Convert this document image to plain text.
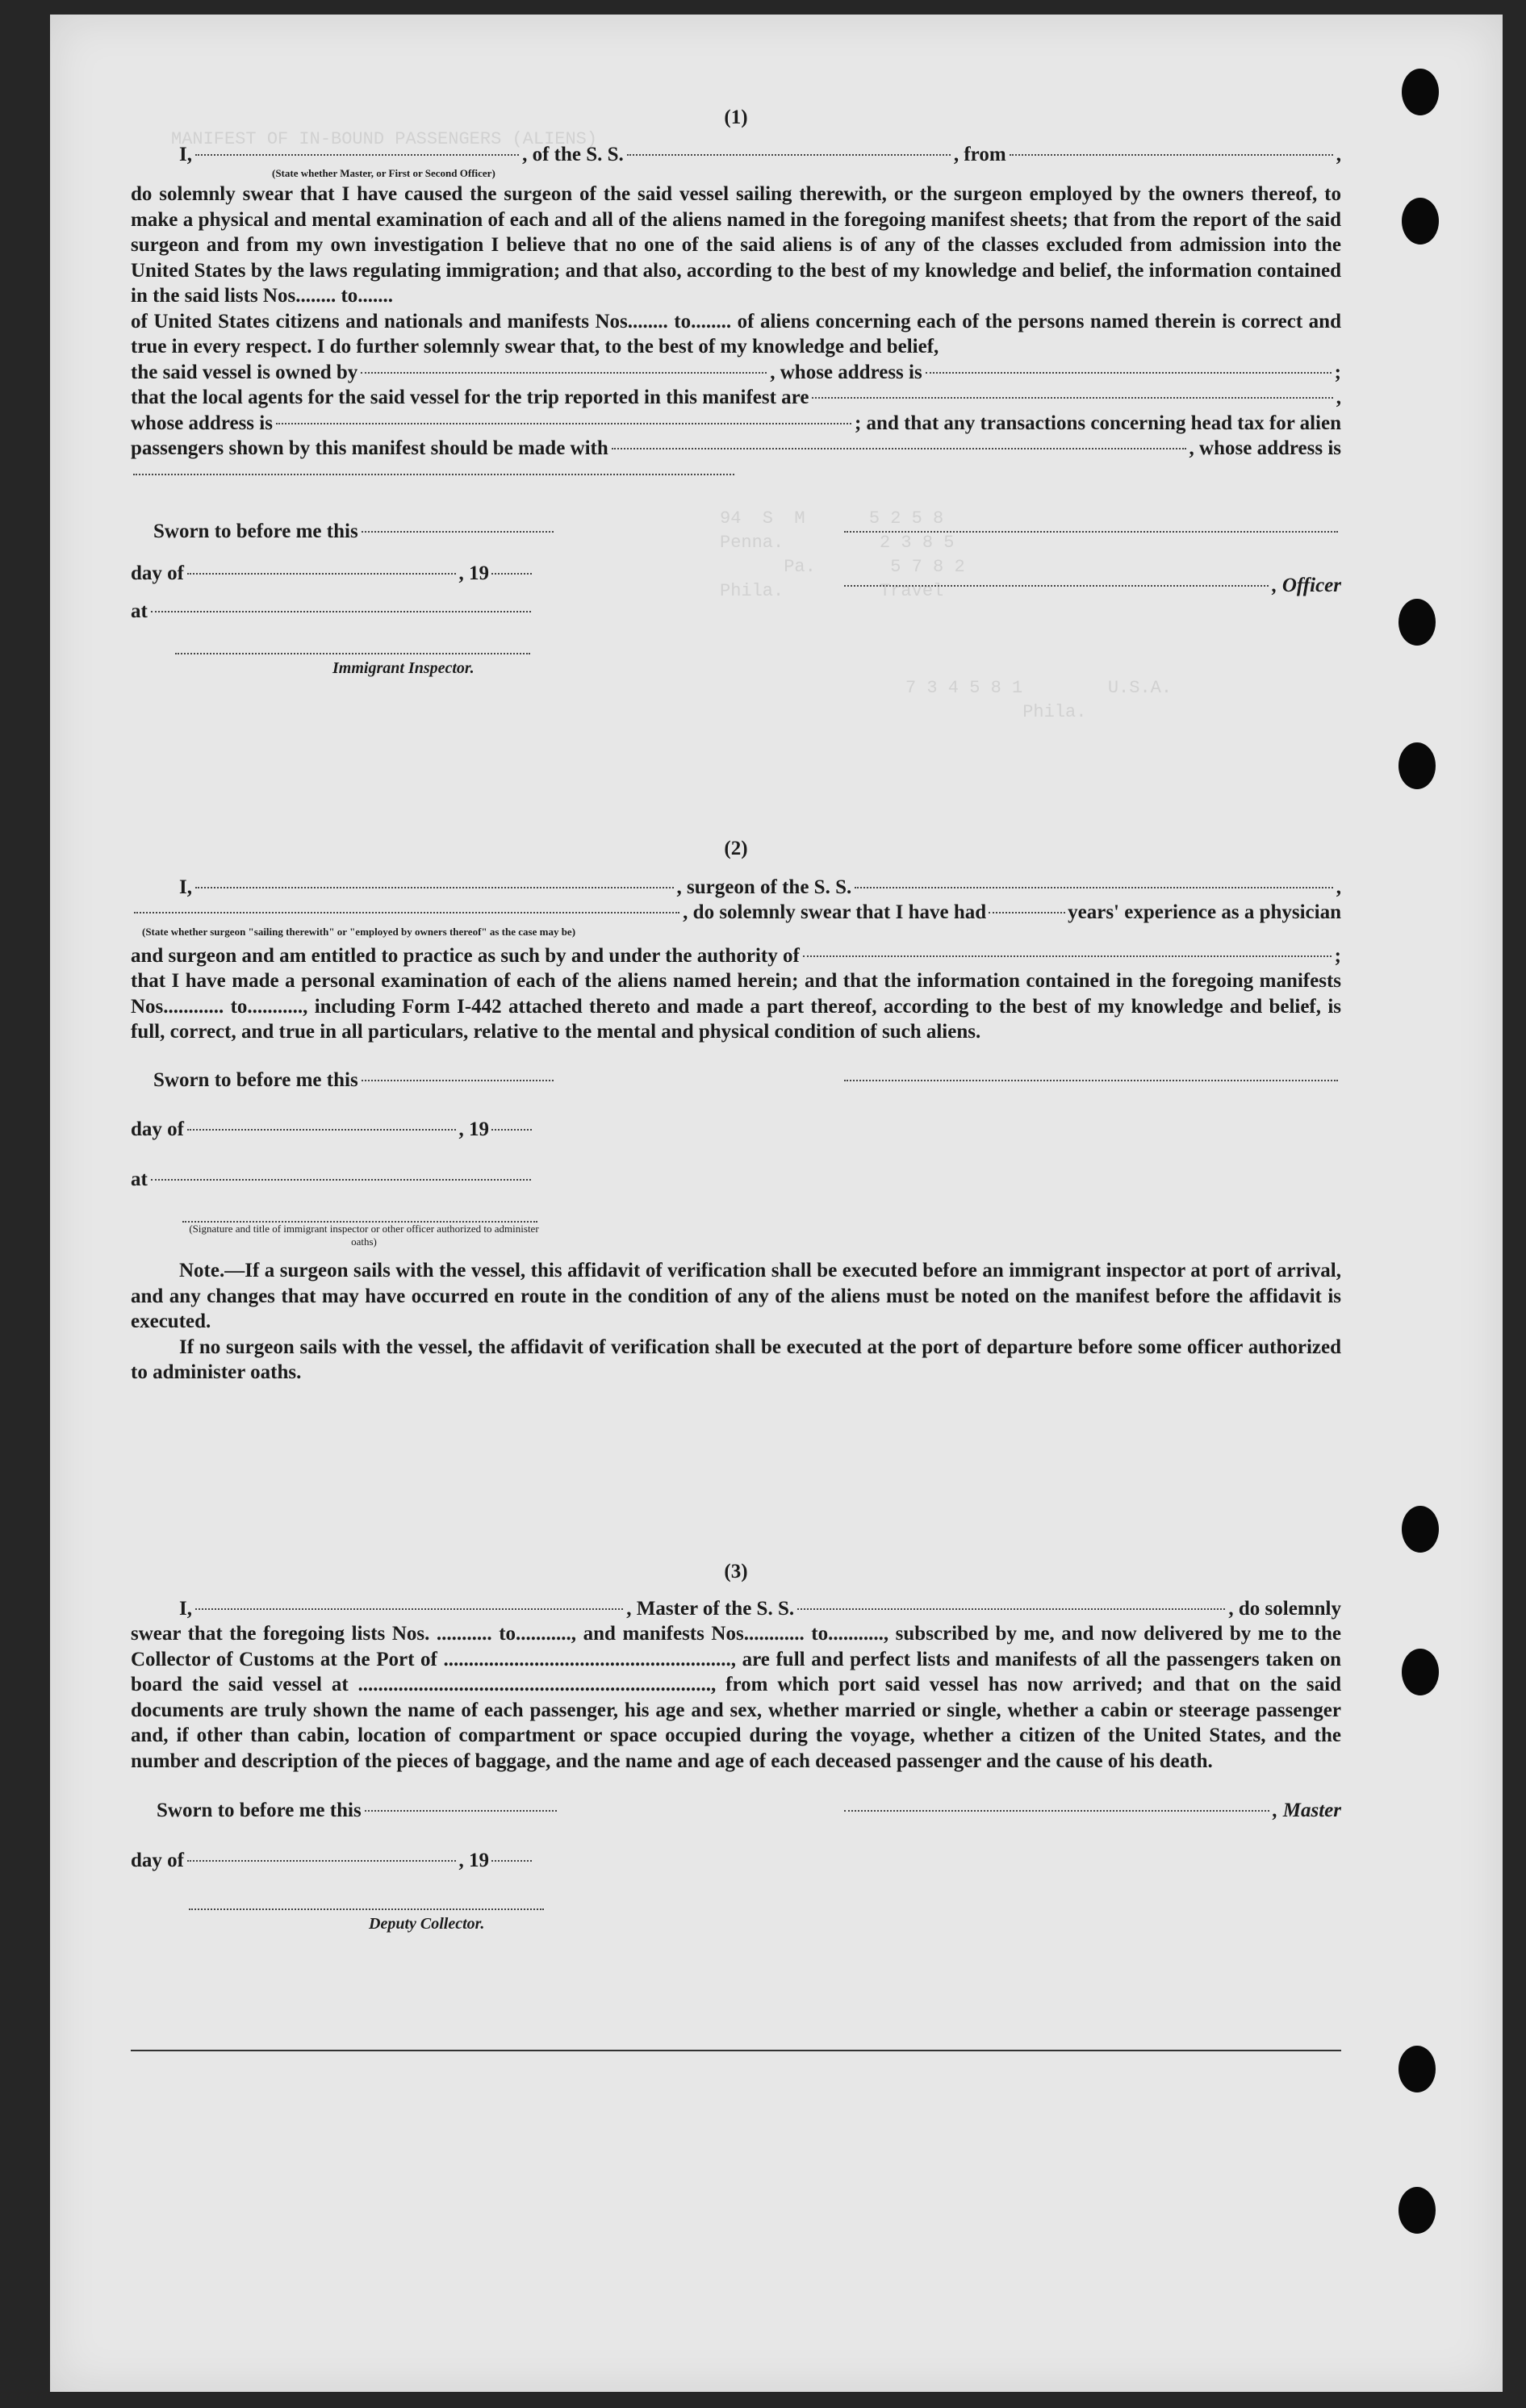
MANIFEST OF IN-BOUND PASSENGERS (ALIENS)
94  S  M      5 2 5 8
Penna.         2 3 8 5
Pa.       5 7 8 2
Phila.         Travel
7 3 4 5 8 1        U.S.A.
Phila.
(1)
I,	, of the S. S.	, from	,
(State whether Master, or First or Second Officer)

do solemnly swear that I have caused the surgeon of the said vessel sailing therewith, or the surgeon employed by the owners thereof, to make a physical and mental examination of each and all of the aliens named in the foregoing manifest sheets; that from the report of the said surgeon and from my own investigation I believe that no one of the said aliens is of any of the classes excluded from admission into the United States by the laws regulating immigration; and that also, according to the best of my knowledge and belief, the information contained in the said lists Nos........ to.......

of United States citizens and nationals and manifests Nos........ to........ of aliens concerning each of the persons named therein is correct and true in every respect. I do further solemnly swear that, to the best of my knowledge and belief,

the said vessel is owned by	, whose address is	;
that the local agents for the said vessel for the trip reported in this manifest are	,
whose address is	; and that any transactions concerning head tax for alien
passengers shown by this manifest should be made with	, whose address is
Sworn to before me this
day of	, 19
, Officer
at
Immigrant Inspector.
(2)
I,	, surgeon of the S. S.	,
, do solemnly swear that I have had	years' experience as a physician
(State whether surgeon "sailing therewith" or "employed by owners thereof" as the case may be)
and surgeon and am entitled to practice as such by and under the authority of	;

that I have made a personal examination of each of the aliens named herein; and that the information contained in the foregoing manifests Nos............ to..........., including Form I-442 attached thereto and made a part thereof, according to the best of my knowledge and belief, is full, correct, and true in all particulars, relative to the mental and physical condition of such aliens.

Sworn to before me this
day of	, 19
at
(Signature and title of immigrant inspector or other officer authorized to administer oaths)

Note.—If a surgeon sails with the vessel, this affidavit of verification shall be executed before an immigrant inspector at port of arrival, and any changes that may have occurred en route in the condition of any of the aliens must be noted on the manifest before the affidavit is executed.

If no surgeon sails with the vessel, the affidavit of verification shall be executed at the port of departure before some officer authorized to administer oaths.

(3)
I,	, Master of the S. S.	, do solemnly

swear that the foregoing lists Nos. ........... to..........., and manifests Nos............ to..........., subscribed by me, and now delivered by me to the Collector of Customs at the Port of ........................................................., are full and perfect lists and manifests of all the passengers taken on board the said vessel at ......................................................................, from which port said vessel has now arrived; and that on the said documents are truly shown the name of each passenger, his age and sex, whether married or single, whether a cabin or steerage passenger and, if other than cabin, location of compartment or space occupied during the voyage, whether a citizen of the United States, and the number and description of the pieces of baggage, and the name and age of each deceased passenger and the cause of his death.

Sworn to before me this	, Master
day of	, 19
Deputy Collector.
